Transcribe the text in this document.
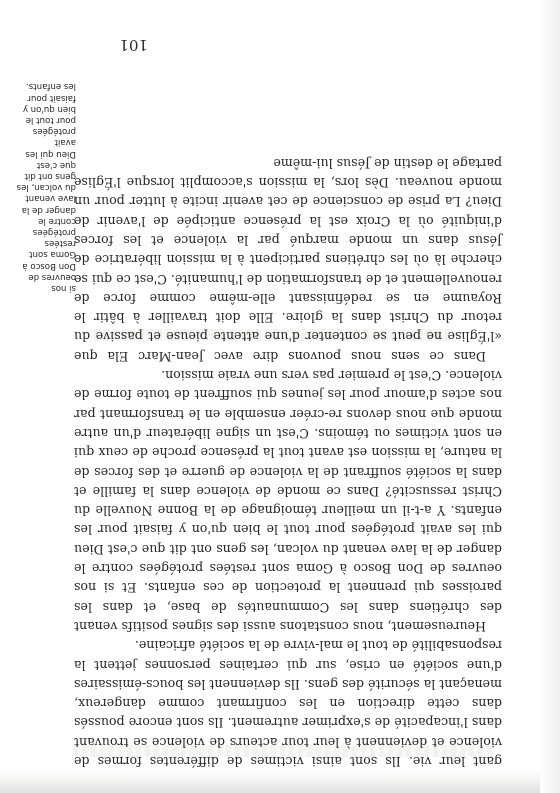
gant leur vie. Ils sont ainsi victimes de différentes formes de violence et deviennent à leur tour acteurs de violence se trouvant dans l'incapacité de s'exprimer autrement. Ils sont encore poussés dans cette direction en les confirmant comme dangereux, menaçant la sécurité des gens. Ils deviennent les boucs-émissaires d'une société en crise, sur qui certaines personnes jettent la responsabilité de tout le mal-vivre de la société africaine.

Heureusement, nous constatons aussi des signes positifs venant des chrétiens dans les Communautés de base, et dans les paroisses qui prennent la protection de ces enfants. Et si nos oeuvres de Don Bosco à Goma sont restées protégées contre le danger de la lave venant du volcan, les gens ont dit que c'est Dieu qui les avait protégées pour tout le bien qu'on y faisait pour les enfants. Y a-t-il un meilleur témoignage de la Bonne Nouvelle du Christ ressuscité? Dans ce monde de violence dans la famille et dans la société souffrant de la violence de guerre et des forces de la nature, la mission est avant tout la présence proche de ceux qui en sont victimes ou témoins. C'est un signe libérateur d'un autre monde que nous devons re-créer ensemble en le transformant par nos actes d'amour pour les jeunes qui souffrent de toute forme de violence. C'est le premier pas vers une vraie mission.

Dans ce sens nous pouvons dire avec Jean-Marc Ela que «l'Église ne peut se contenter d'une attente pieuse et passive du retour du Christ dans la gloire. Elle doit travailler à bâtir le Royaume en se redéfinissant elle-même comme force de renouvellement et de transformation de l'humanité. C'est ce qui se cherche là où les chrétiens participent à la mission libératrice de Jésus dans un monde marqué par la violence et les forces d'iniquité où la Croix est la présence anticipée de l'avenir de Dieu? La prise de conscience de cet avenir incite à lutter pour un monde nouveau. Dès lors, la mission s'accomplit lorsque l'Église partage le destin de Jésus lui-même

si nos oeuvres de Don Bosco à Goma sont restées protégées contre le danger de la lave venant du volcan, les gens ont dit que c'est Dieu qui les avait protégées pour tout le bien qu'on y faisait pour les enfants.
101
